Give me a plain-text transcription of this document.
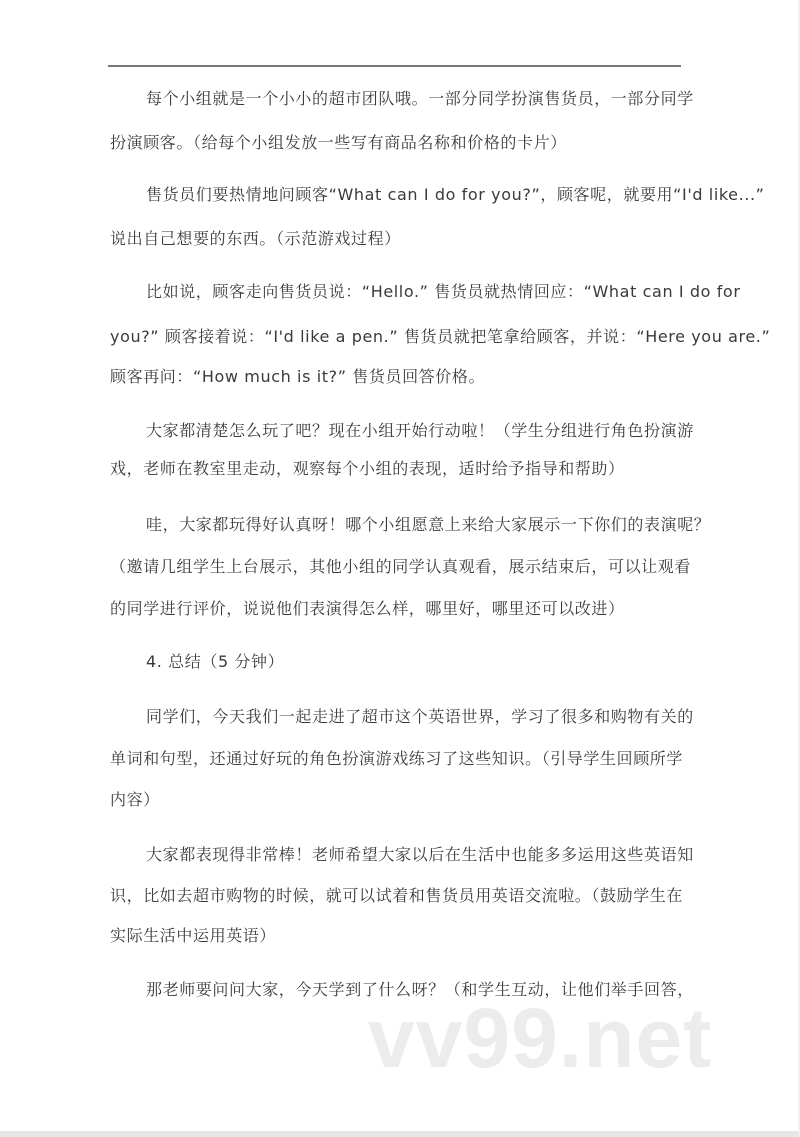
每个小组就是一个小小的超市团队哦。一部分同学扮演售货员，一部分同学
扮演顾客。（给每个小组发放一些写有商品名称和价格的卡片）
售货员们要热情地问顾客“What can I do for you?”，顾客呢，就要用“I'd like...”
说出自己想要的东西。（示范游戏过程）
比如说，顾客走向售货员说：“Hello.” 售货员就热情回应：“What can I do for
you?” 顾客接着说：“I'd like a pen.” 售货员就把笔拿给顾客，并说：“Here you are.”
顾客再问：“How much is it?” 售货员回答价格。
大家都清楚怎么玩了吧？现在小组开始行动啦！（学生分组进行角色扮演游
戏，老师在教室里走动，观察每个小组的表现，适时给予指导和帮助）
哇，大家都玩得好认真呀！哪个小组愿意上来给大家展示一下你们的表演呢？
（邀请几组学生上台展示，其他小组的同学认真观看，展示结束后，可以让观看
的同学进行评价，说说他们表演得怎么样，哪里好，哪里还可以改进）
4. 总结（5 分钟）
同学们，今天我们一起走进了超市这个英语世界，学习了很多和购物有关的
单词和句型，还通过好玩的角色扮演游戏练习了这些知识。（引导学生回顾所学
内容）
大家都表现得非常棒！老师希望大家以后在生活中也能多多运用这些英语知
识，比如去超市购物的时候，就可以试着和售货员用英语交流啦。（鼓励学生在
实际生活中运用英语）
那老师要问问大家，今天学到了什么呀？（和学生互动，让他们举手回答，
vv99.net
